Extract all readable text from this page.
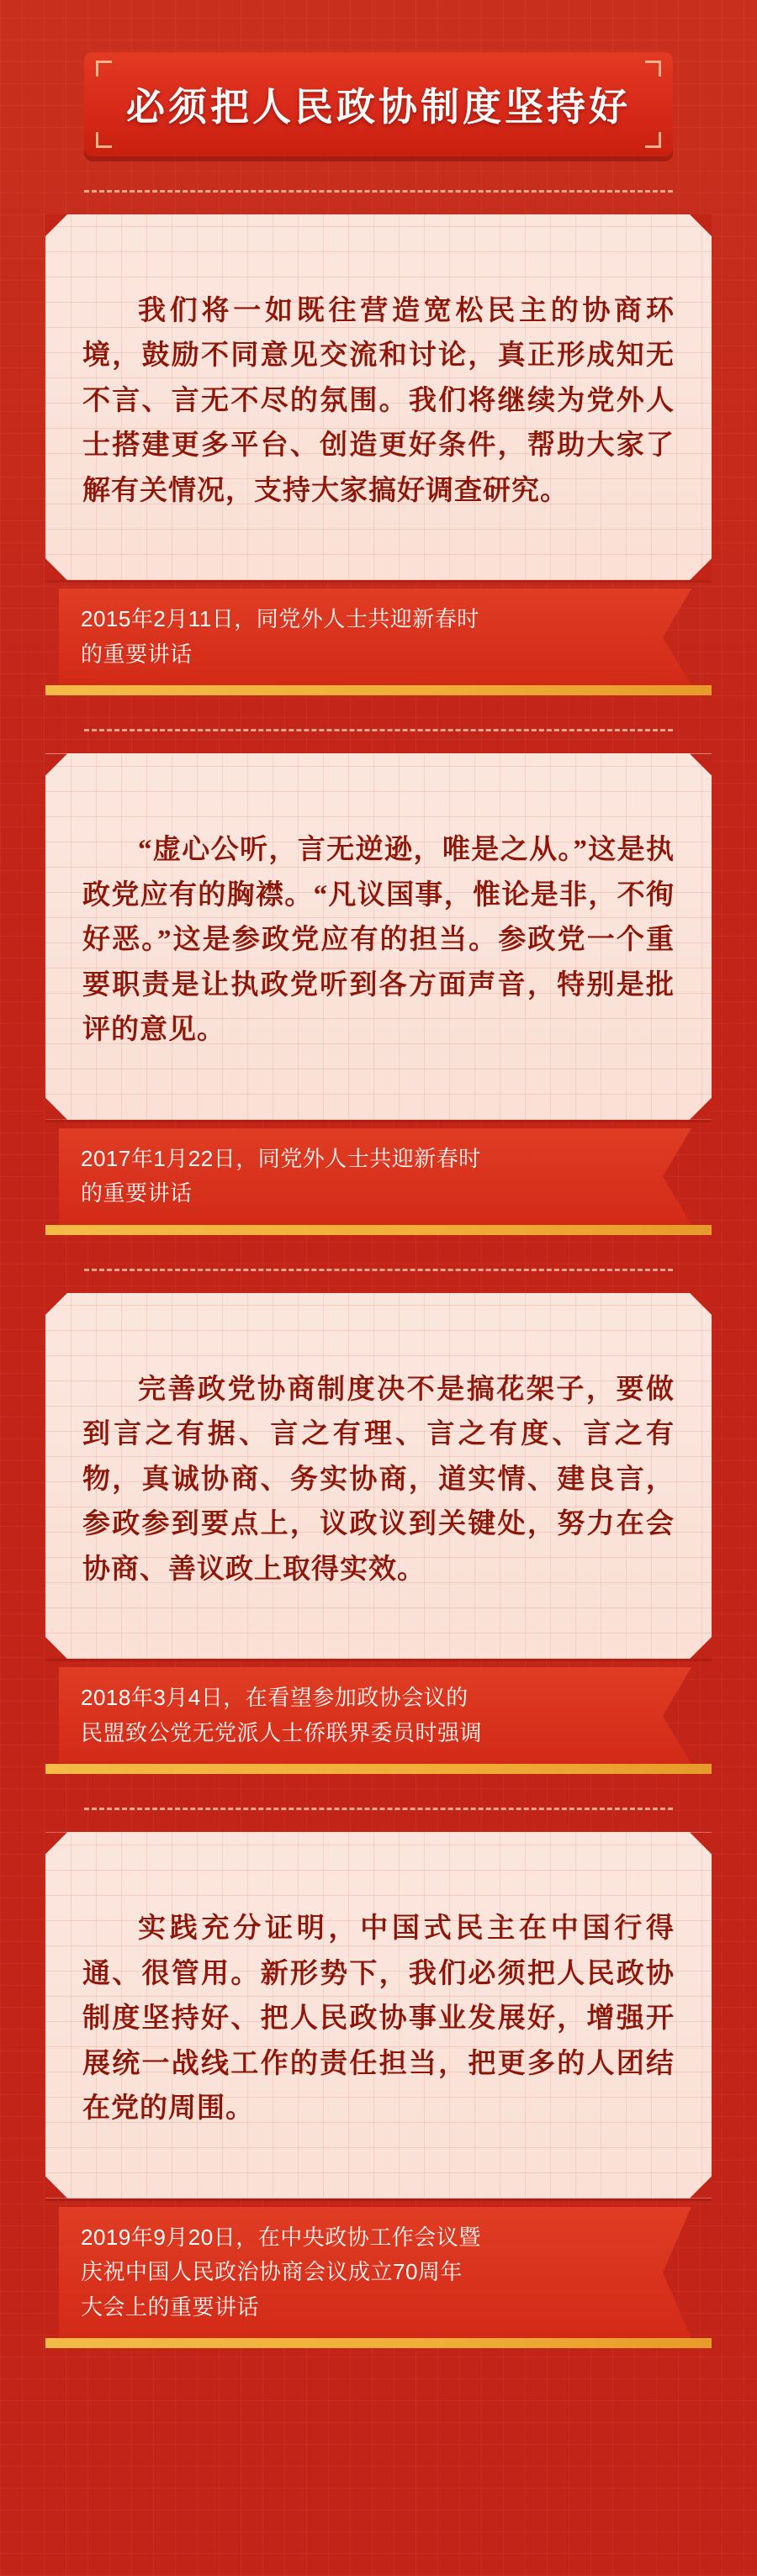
必须把人民政协制度坚持好

我们将一如既往营造宽松民主的协商环境，鼓励不同意见交流和讨论，真正形成知无不言、言无不尽的氛围。我们将继续为党外人士搭建更多平台、创造更好条件，帮助大家了解有关情况，支持大家搞好调查研究。

2015年2月11日，同党外人士共迎新春时
的重要讲话

“虚心公听，言无逆逊，唯是之从。”这是执政党应有的胸襟。“凡议国事，惟论是非，不徇好恶。”这是参政党应有的担当。参政党一个重要职责是让执政党听到各方面声音，特别是批评的意见。

2017年1月22日，同党外人士共迎新春时
的重要讲话

完善政党协商制度决不是搞花架子，要做到言之有据、言之有理、言之有度、言之有物，真诚协商、务实协商，道实情、建良言，参政参到要点上，议政议到关键处，努力在会协商、善议政上取得实效。

2018年3月4日，在看望参加政协会议的
民盟致公党无党派人士侨联界委员时强调

实践充分证明，中国式民主在中国行得通、很管用。新形势下，我们必须把人民政协制度坚持好、把人民政协事业发展好，增强开展统一战线工作的责任担当，把更多的人团结在党的周围。

2019年9月20日，在中央政协工作会议暨
庆祝中国人民政治协商会议成立70周年
大会上的重要讲话
